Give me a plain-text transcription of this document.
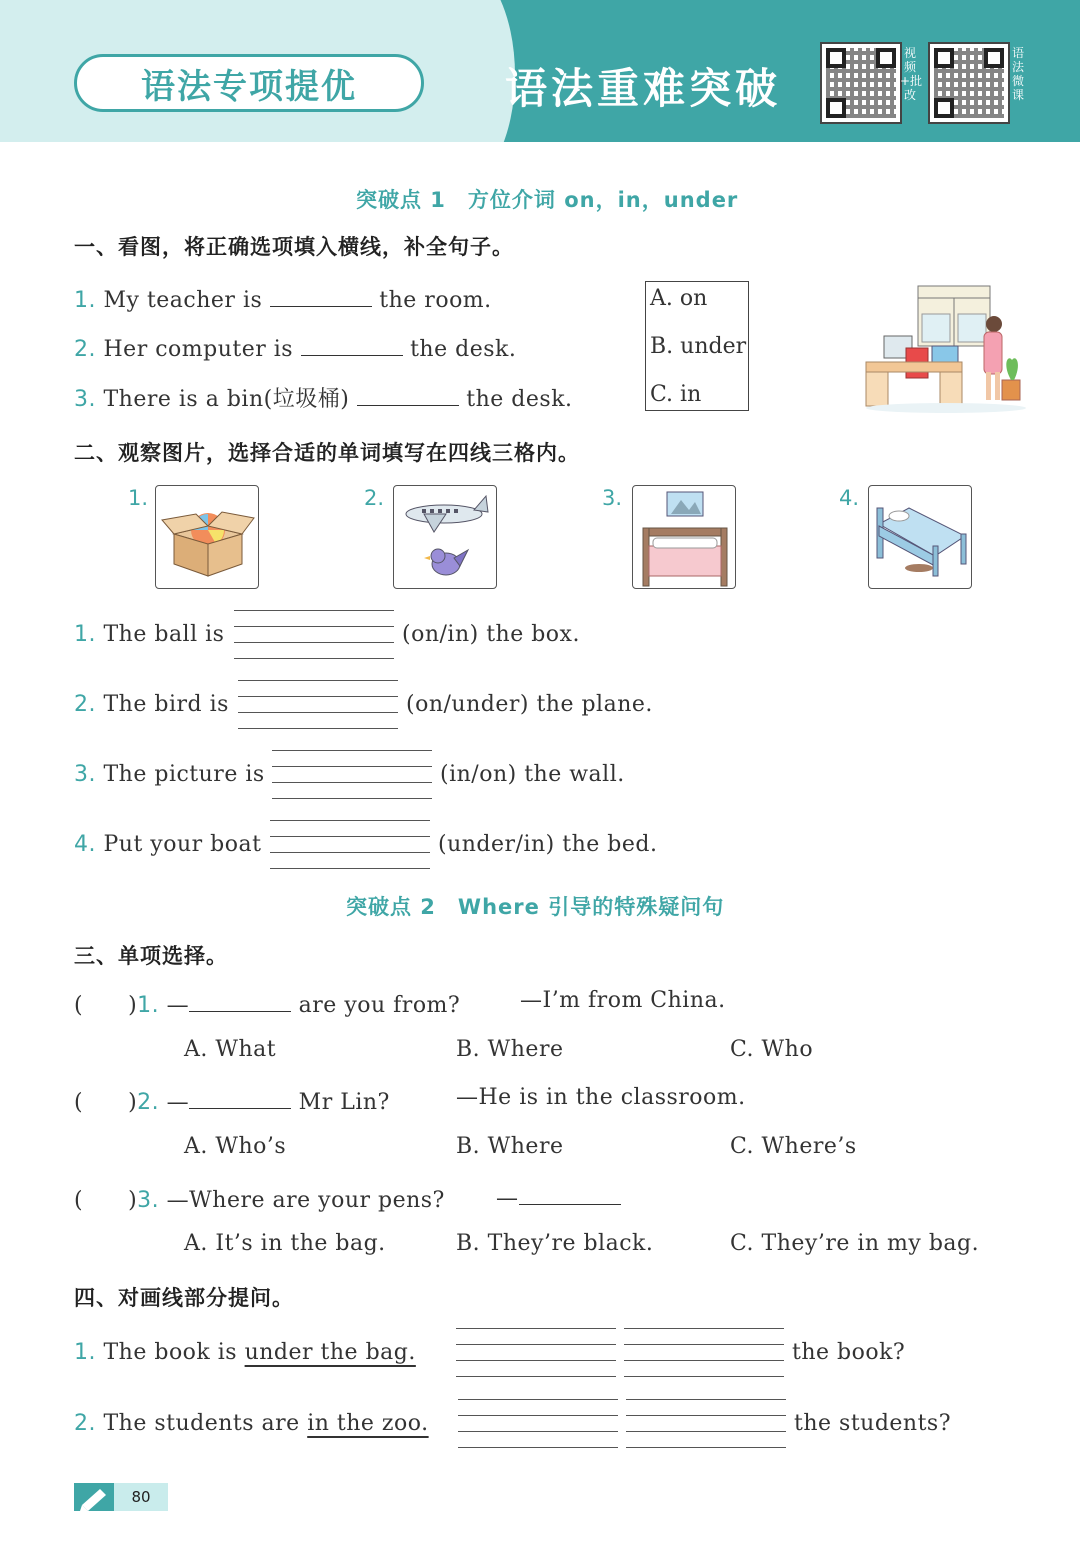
语法专项提优	语法重难突破
视频+批改
语法微课
突破点 1　方位介词 on，in，under
一、看图，将正确选项填入横线，补全句子。
1. My teacher is	the room.
2. Her computer is	the desk.
3. There is a bin(垃圾桶)	the desk.
A. on
B. under
C. in
二、观察图片，选择合适的单词填写在四线三格内。
1.	2.	3.	4.
1. The ball is	(on/in) the box.
2. The bird is	(on/under) the plane.
3. The picture is	(in/on) the wall.
4. Put your boat	(under/in) the bed.
突破点 2　Where 引导的特殊疑问句
三、单项选择。
(　　)1. —	are you from?	—I’m from China.
A. What	B. Where	C. Who
(　　)2. —	Mr Lin?	—He is in the classroom.
A. Who’s	B. Where	C. Where’s
(　　)3. —Where are your pens? —
A. It’s in the bag.	B. They’re black.	C. They’re in my bag.
四、对画线部分提问。
1. The book is under the bag.	the book?
2. The students are in the zoo.	the students?
80
